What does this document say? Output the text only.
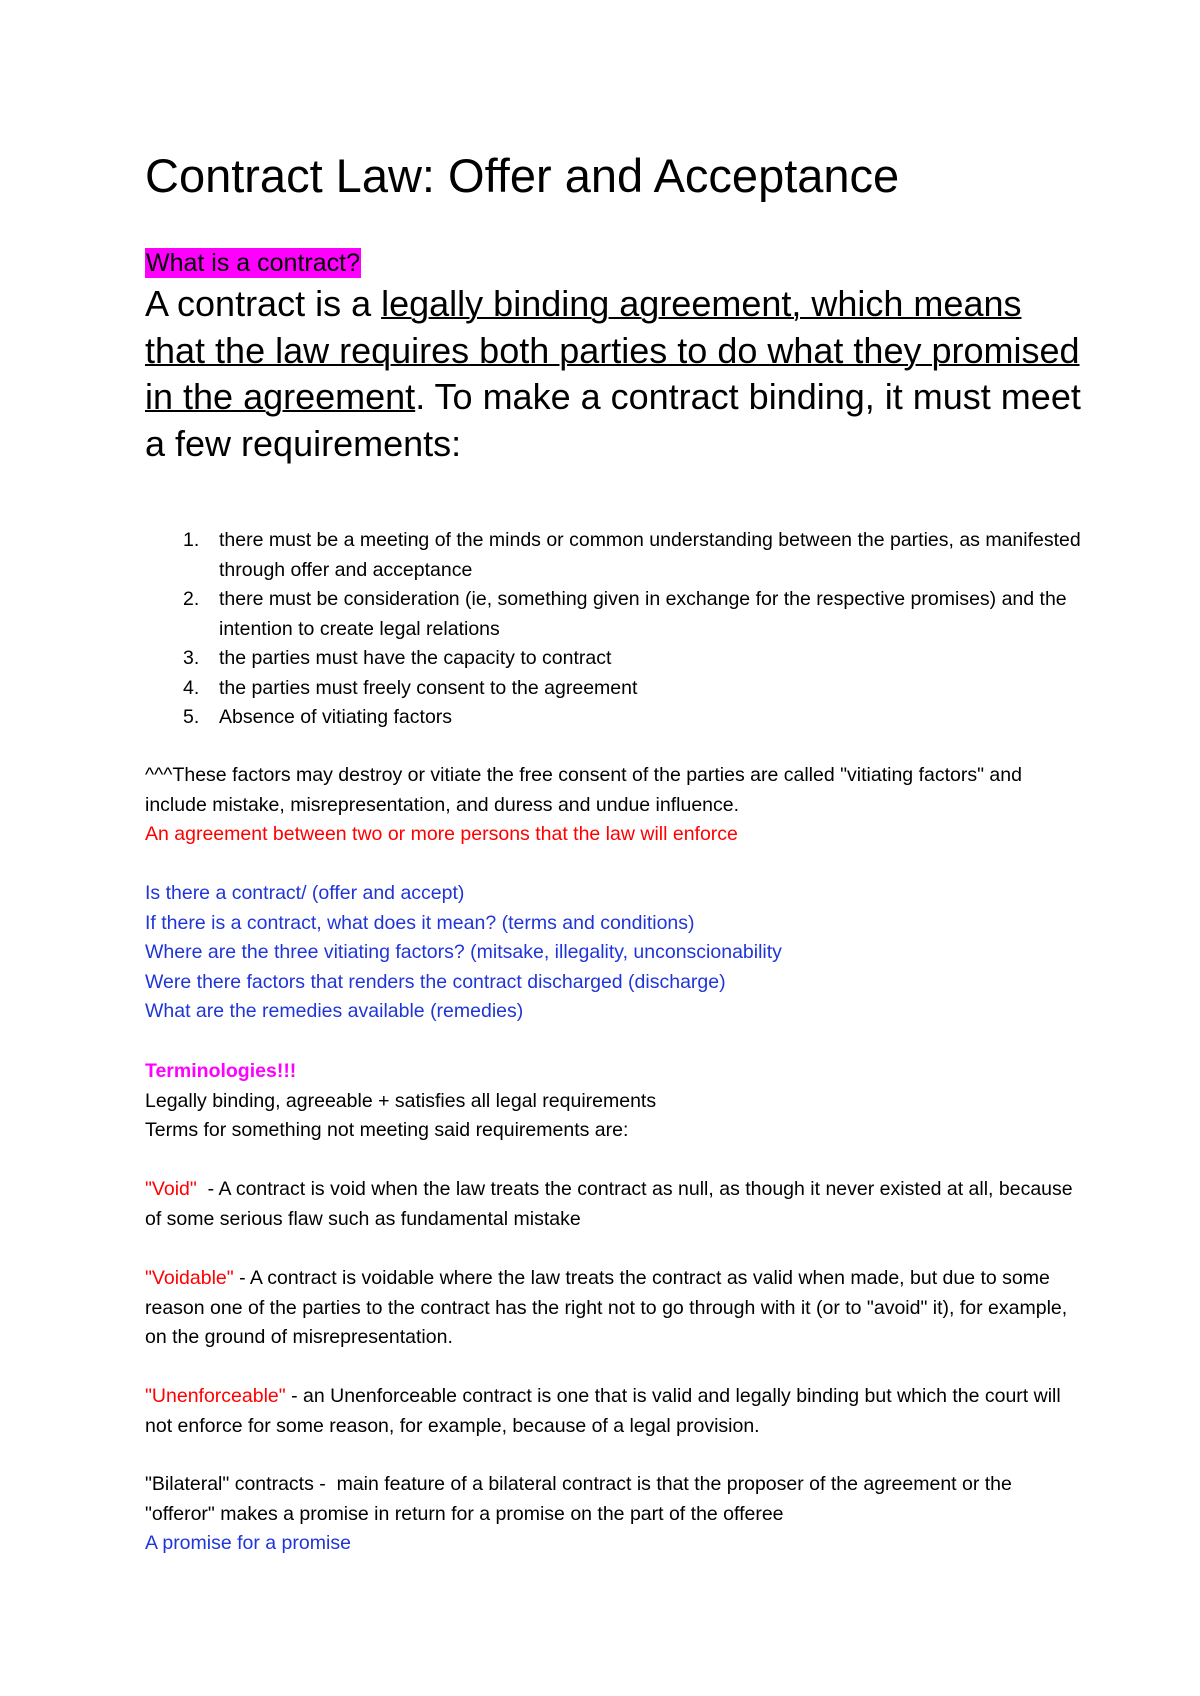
Contract Law: Offer and Acceptance
What is a contract?
A contract is a legally binding agreement, which means that the law requires both parties to do what they promised in the agreement. To make a contract binding, it must meet a few requirements:
1. there must be a meeting of the minds or common understanding between the parties, as manifested through offer and acceptance
2. there must be consideration (ie, something given in exchange for the respective promises) and the intention to create legal relations
3. the parties must have the capacity to contract
4. the parties must freely consent to the agreement
5. Absence of vitiating factors
^^^These factors may destroy or vitiate the free consent of the parties are called "vitiating factors" and include mistake, misrepresentation, and duress and undue influence.
An agreement between two or more persons that the law will enforce
Is there a contract/ (offer and accept)
If there is a contract, what does it mean? (terms and conditions)
Where are the three vitiating factors? (mitsake, illegality, unconscionability
Were there factors that renders the contract discharged (discharge)
What are the remedies available (remedies)
Terminologies!!!
Legally binding, agreeable + satisfies all legal requirements
Terms for something not meeting said requirements are:
"Void"  - A contract is void when the law treats the contract as null, as though it never existed at all, because of some serious flaw such as fundamental mistake
"Voidable" - A contract is voidable where the law treats the contract as valid when made, but due to some reason one of the parties to the contract has the right not to go through with it (or to "avoid" it), for example, on the ground of misrepresentation.
"Unenforceable" - an Unenforceable contract is one that is valid and legally binding but which the court will not enforce for some reason, for example, because of a legal provision.
"Bilateral" contracts -  main feature of a bilateral contract is that the proposer of the agreement or the "offeror" makes a promise in return for a promise on the part of the offeree
A promise for a promise
